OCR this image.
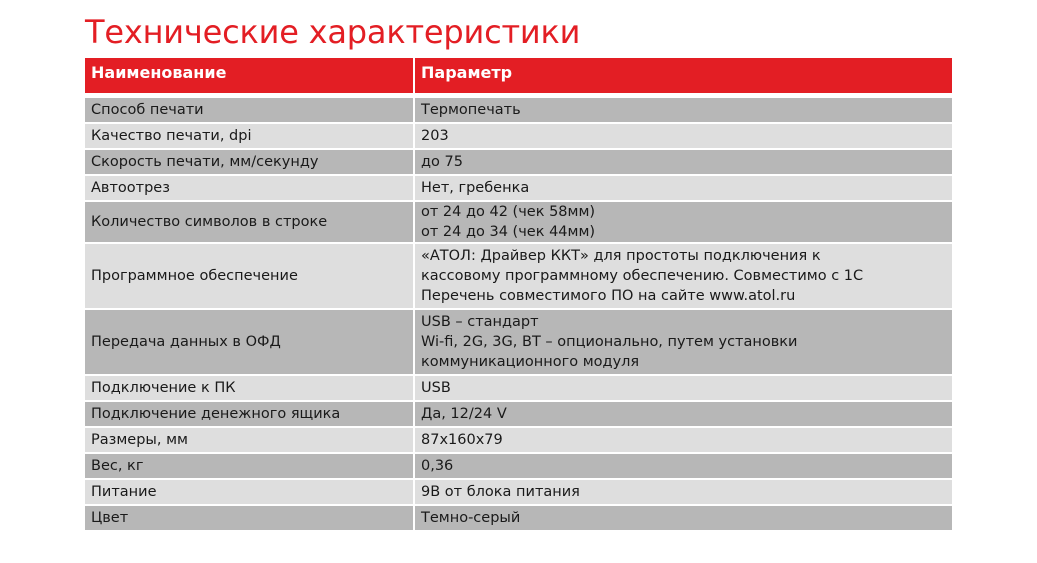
Технические характеристики
Наименование	Параметр

Способ печати	Термопечать

Качество печати, dpi	203

Скорость печати, мм/секунду	до 75

Автоотрез	Нет, гребенка

Количество символов в строке	от 24 до 42 (чек 58мм)
от 24 до 34 (чек 44мм)

Программное обеспечение	«АТОЛ: Драйвер ККТ» для простоты подключения к
кассовому программному обеспечению. Совместимо с 1С
Перечень совместимого ПО на сайте www.atol.ru

Передача данных в ОФД	USB – стандарт
Wi-fi, 2G, 3G, BT – опционально, путем установки
коммуникационного модуля

Подключение к ПК	USB

Подключение денежного ящика	Да, 12/24 V

Размеры, мм	87x160x79

Вес, кг	0,36

Питание	9В от блока питания

Цвет	Темно-серый
